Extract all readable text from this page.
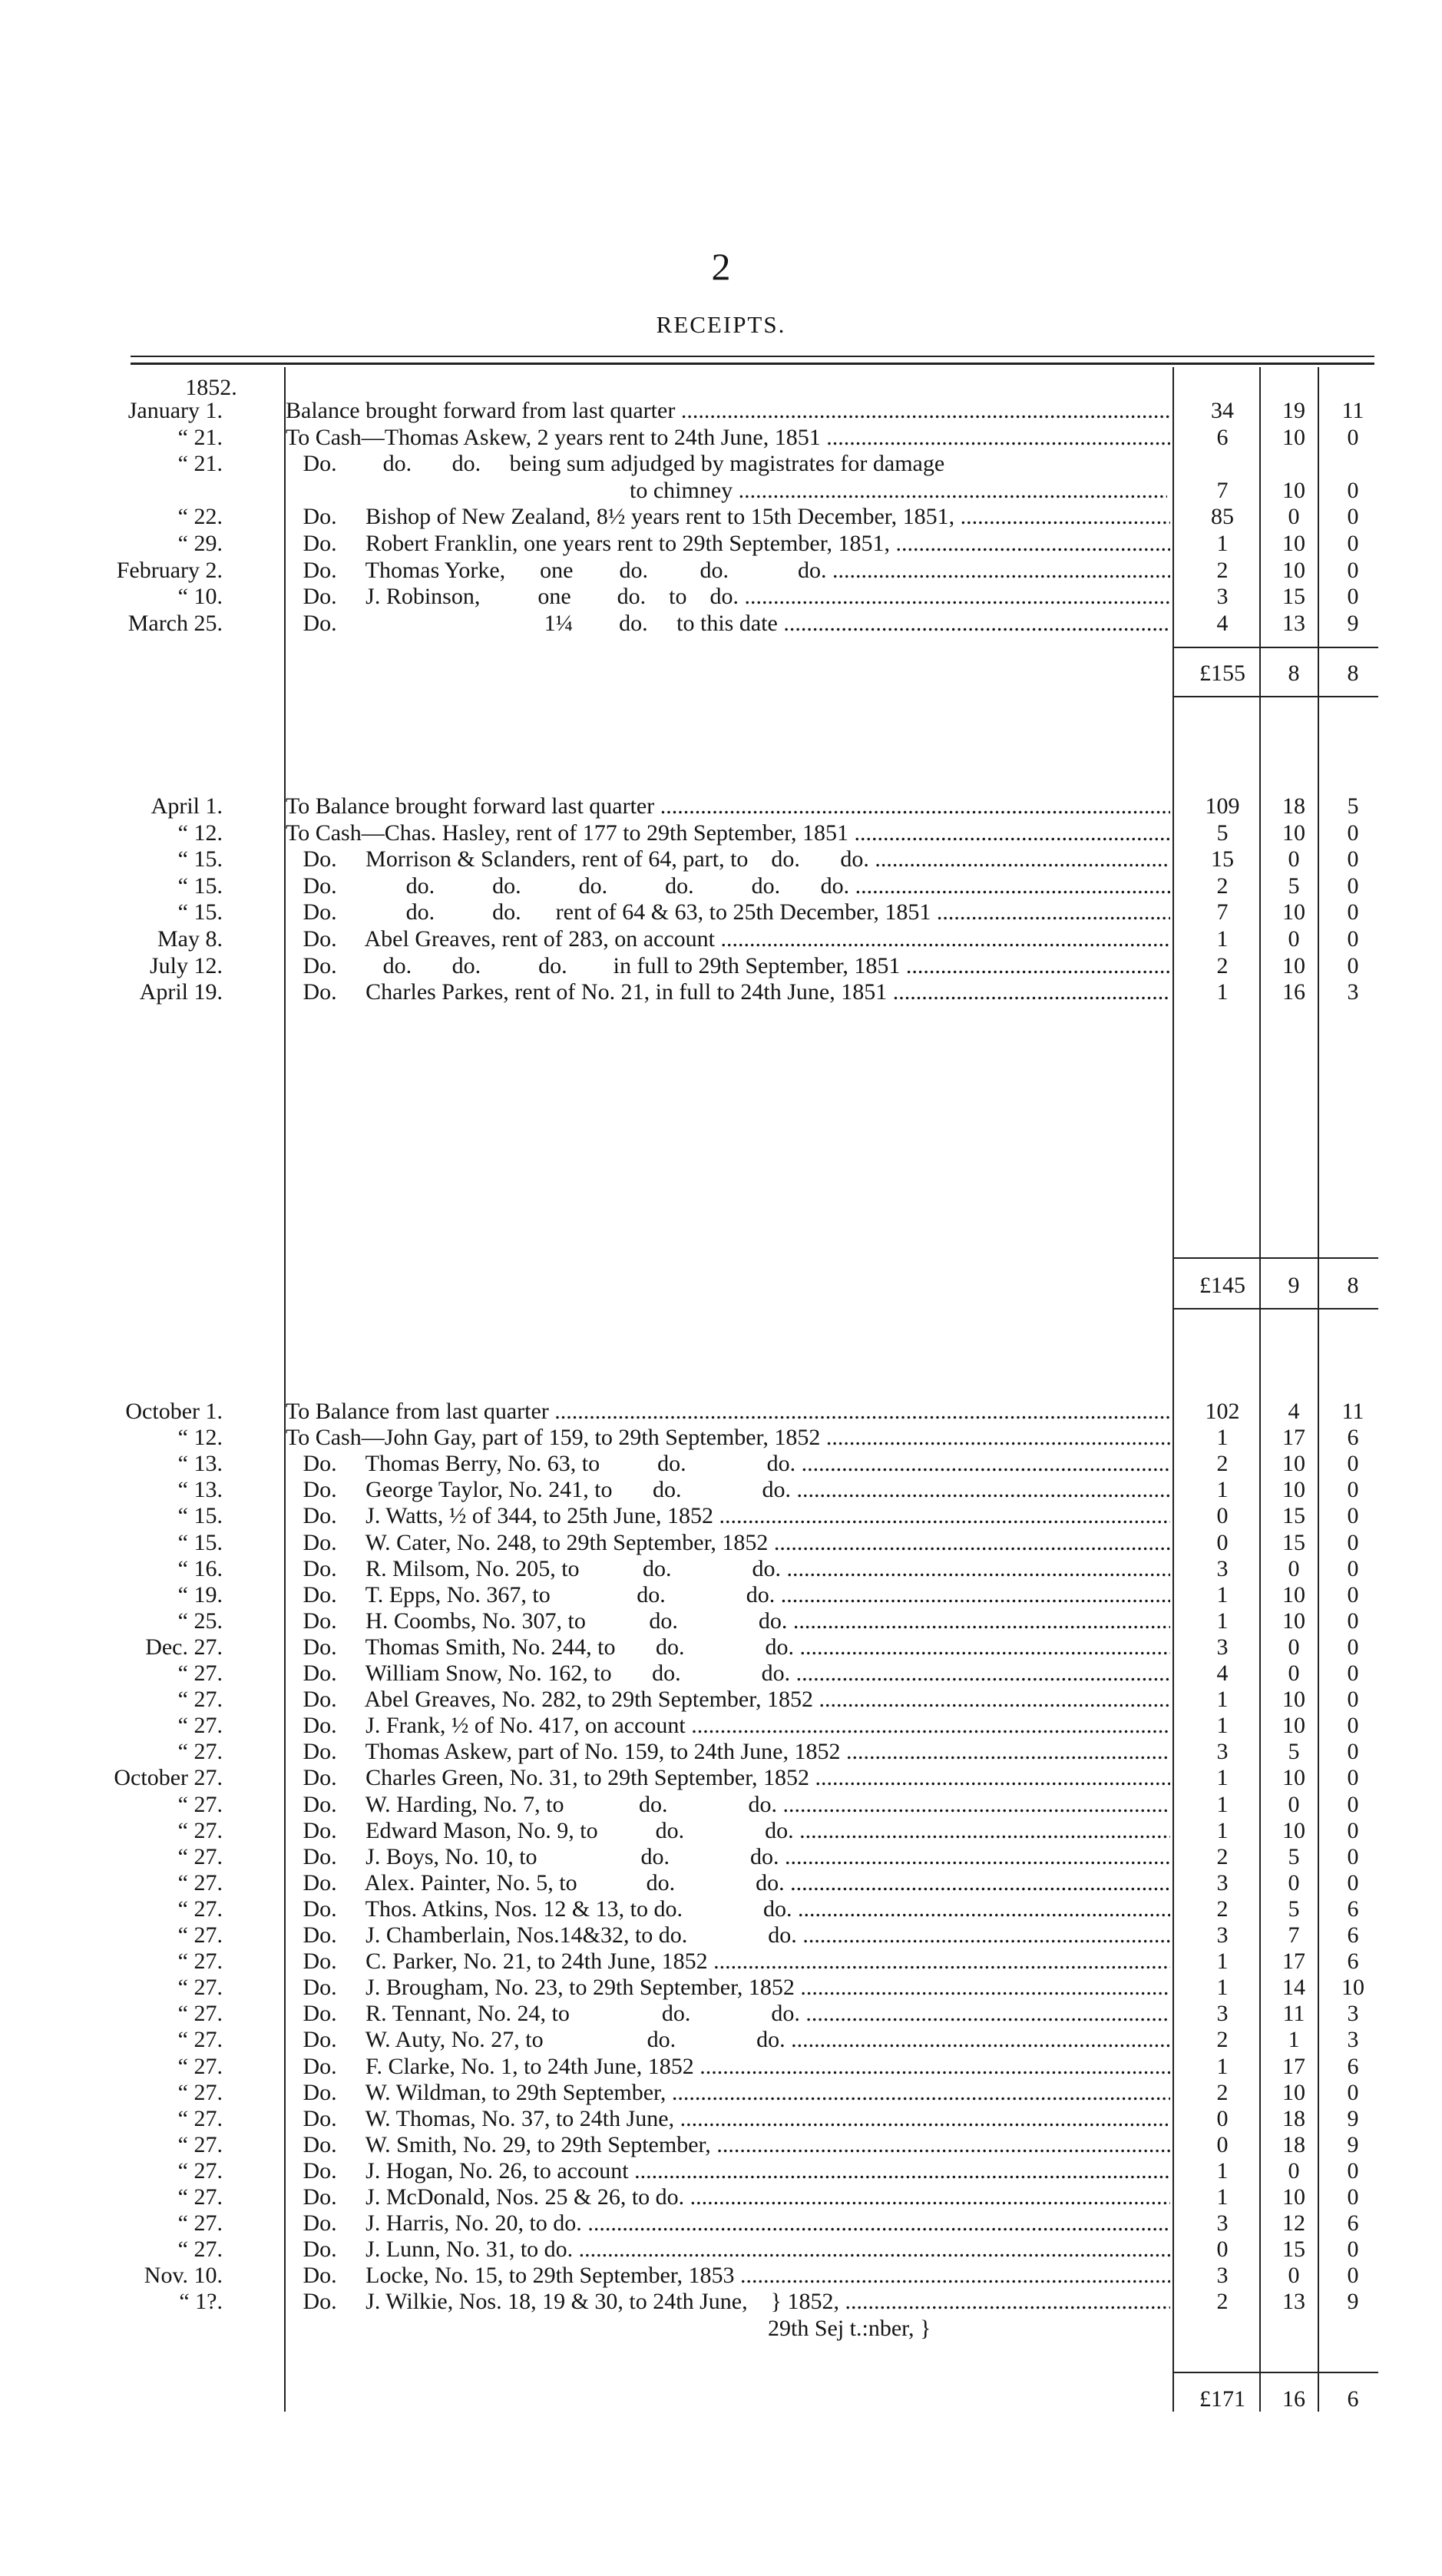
2
RECEIPTS.
1852.
January 1.	Balance brought forward from last quarter .....	34	19	11
“ 21.	To Cash—Thomas Askew, 2 years rent to 24th June, 1851 .....	6	10	0
“ 21.	Do.        do.       do.     being sum adjudged by magistrates for damage
to chimney .....	7	10	0
“ 22.	Do.     Bishop of New Zealand, 8½ years rent to 15th December, 1851, .....	85	0	0
“ 29.	Do.     Robert Franklin, one years rent to 29th September, 1851, .....	1	10	0
February 2.	Do.     Thomas Yorke,      one        do.         do.            do. .....	2	10	0
“ 10.	Do.     J. Robinson,          one        do.    to    do. .....	3	15	0
March 25.	Do.                                    1¼        do.     to this date .....	4	13	9
£155	8	8
April 1.	To Balance brought forward last quarter .....	109	18	5
“ 12.	To Cash—Chas. Hasley, rent of 177 to 29th September, 1851 .....	5	10	0
“ 15.	Do.     Morrison & Sclanders, rent of 64, part, to    do.       do. .....	15	0	0
“ 15.	Do.            do.          do.          do.          do.          do.       do. .....	2	5	0
“ 15.	Do.            do.          do.      rent of 64 & 63, to 25th December, 1851 .....	7	10	0
May 8.	Do.     Abel Greaves, rent of 283, on account .....	1	0	0
July 12.	Do.        do.       do.          do.        in full to 29th September, 1851 .....	2	10	0
April 19.	Do.     Charles Parkes, rent of No. 21, in full to 24th June, 1851 .....	1	16	3
£145	9	8
October 1.	To Balance from last quarter .....	102	4	11
“ 12.	To Cash—John Gay, part of 159, to 29th September, 1852 .....	1	17	6
“ 13.	Do.     Thomas Berry, No. 63, to          do.              do. .....	2	10	0
“ 13.	Do.     George Taylor, No. 241, to       do.              do. .....	1	10	0
“ 15.	Do.     J. Watts, ½ of 344, to 25th June, 1852 .....	0	15	0
“ 15.	Do.     W. Cater, No. 248, to 29th September, 1852 .....	0	15	0
“ 16.	Do.     R. Milsom, No. 205, to           do.              do. .....	3	0	0
“ 19.	Do.     T. Epps, No. 367, to               do.              do. .....	1	10	0
“ 25.	Do.     H. Coombs, No. 307, to           do.              do. .....	1	10	0
Dec. 27.	Do.     Thomas Smith, No. 244, to       do.              do. .....	3	0	0
“ 27.	Do.     William Snow, No. 162, to       do.              do. .....	4	0	0
“ 27.	Do.     Abel Greaves, No. 282, to 29th September, 1852 .....	1	10	0
“ 27.	Do.     J. Frank, ½ of No. 417, on account .....	1	10	0
“ 27.	Do.     Thomas Askew, part of No. 159, to 24th June, 1852 .....	3	5	0
October 27.	Do.     Charles Green, No. 31, to 29th September, 1852 .....	1	10	0
“ 27.	Do.     W. Harding, No. 7, to             do.              do. .....	1	0	0
“ 27.	Do.     Edward Mason, No. 9, to          do.              do. .....	1	10	0
“ 27.	Do.     J. Boys, No. 10, to                  do.              do. .....	2	5	0
“ 27.	Do.     Alex. Painter, No. 5, to            do.              do. .....	3	0	0
“ 27.	Do.     Thos. Atkins, Nos. 12 & 13, to do.              do. .....	2	5	6
“ 27.	Do.     J. Chamberlain, Nos.14&32, to do.              do. .....	3	7	6
“ 27.	Do.     C. Parker, No. 21, to 24th June, 1852 .....	1	17	6
“ 27.	Do.     J. Brougham, No. 23, to 29th September, 1852 .....	1	14	10
“ 27.	Do.     R. Tennant, No. 24, to                do.              do. .....	3	11	3
“ 27.	Do.     W. Auty, No. 27, to                  do.              do. .....	2	1	3
“ 27.	Do.     F. Clarke, No. 1, to 24th June, 1852 .....	1	17	6
“ 27.	Do.     W. Wildman, to 29th September, .....	2	10	0
“ 27.	Do.     W. Thomas, No. 37, to 24th June, .....	0	18	9
“ 27.	Do.     W. Smith, No. 29, to 29th September, .....	0	18	9
“ 27.	Do.     J. Hogan, No. 26, to account .....	1	0	0
“ 27.	Do.     J. McDonald, Nos. 25 & 26, to do. .....	1	10	0
“ 27.	Do.     J. Harris, No. 20, to do. .....	3	12	6
“ 27.	Do.     J. Lunn, No. 31, to do. .....	0	15	0
Nov. 10.	Do.     Locke, No. 15, to 29th September, 1853 .....	3	0	0
“ 1?.	Do.     J. Wilkie, Nos. 18, 19 & 30, to 24th June,    } 1852, .....	2	13	9
29th Sej t.:nber, }
£171	16	6
